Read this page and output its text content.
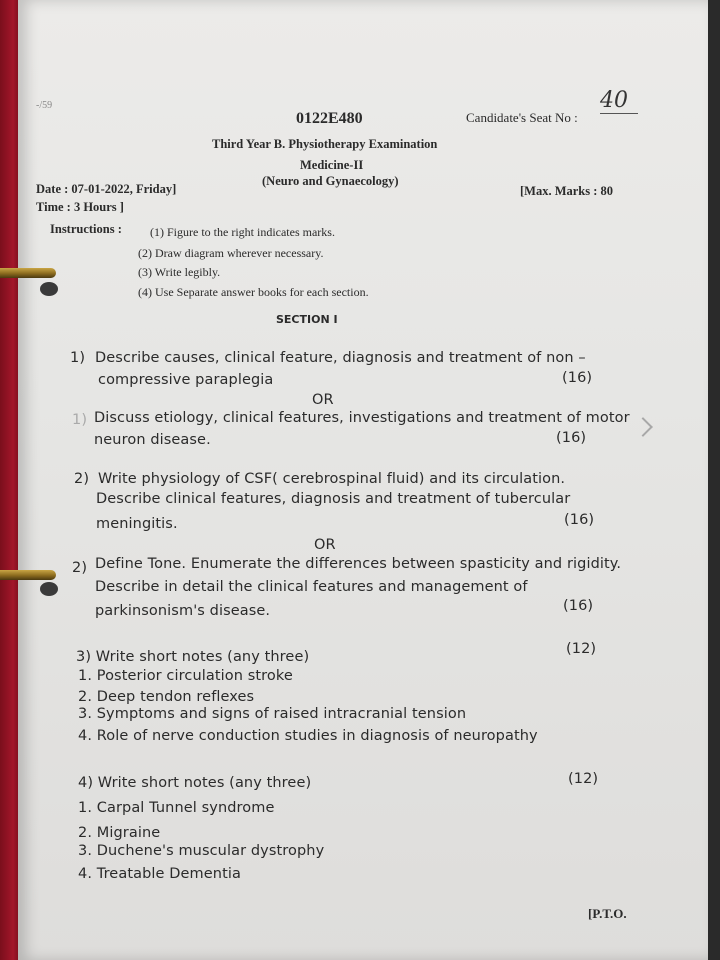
-/59
0122E480	Candidate's Seat No :
40
Third Year B. Physiotherapy Examination
Medicine-II
(Neuro and Gynaecology)
Date : 07-01-2022, Friday]
Time : 3 Hours ]
[Max. Marks : 80
Instructions : (1) Figure to the right indicates marks.
(2) Draw diagram wherever necessary.
(3) Write legibly.
(4) Use Separate answer books for each section.
SECTION I
1) Describe causes, clinical feature, diagnosis and treatment of non –
compressive paraplegia	(16)
OR
1) Discuss etiology, clinical features, investigations and treatment of motor
neuron disease.	(16)
2) Write physiology of CSF( cerebrospinal fluid) and its circulation.
Describe clinical features, diagnosis and treatment of tubercular
meningitis.	(16)
OR
2) Define Tone. Enumerate the differences between spasticity and rigidity.
Describe in detail the clinical features and management of
parkinsonism's disease.	(16)
3) Write short notes (any three)	(12)
1. Posterior circulation stroke
2. Deep tendon reflexes
3. Symptoms and signs of raised intracranial tension
4. Role of nerve conduction studies in diagnosis of neuropathy
4) Write short notes (any three)	(12)
1. Carpal Tunnel syndrome
2. Migraine
3. Duchene's muscular dystrophy
4. Treatable Dementia
[P.T.O.
